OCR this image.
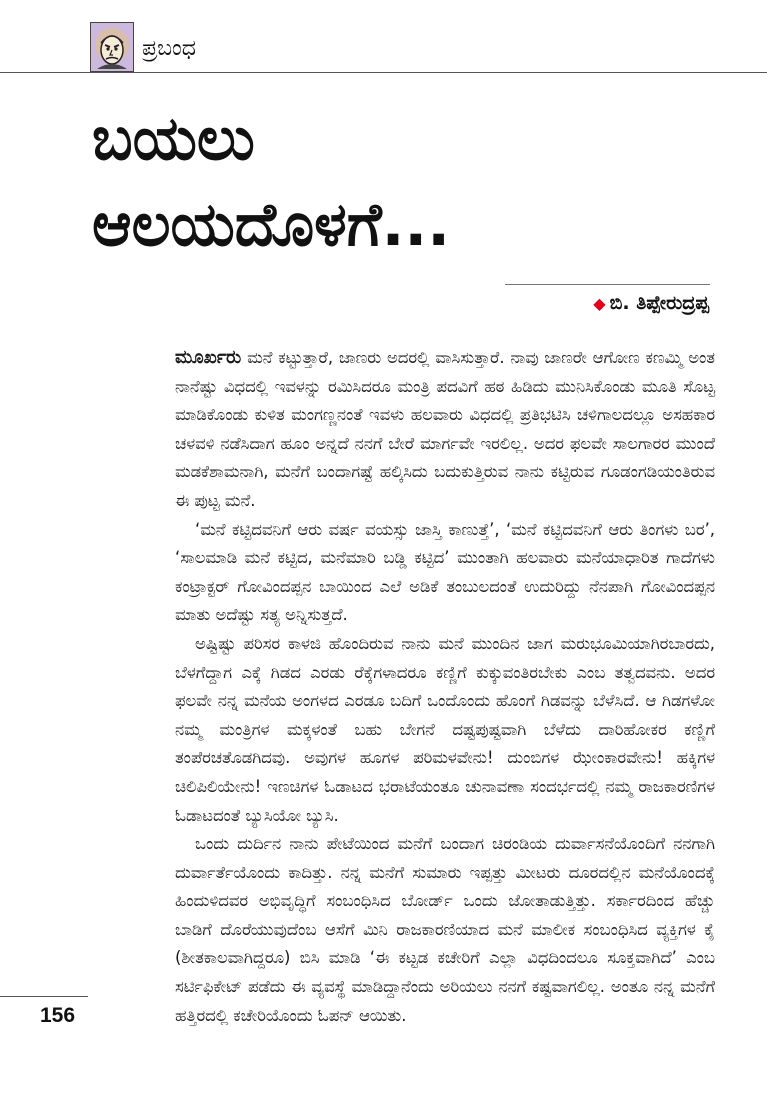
ಪ್ರಬಂಧ
ಬಯಲು
ಆಲಯದೊಳಗೆ...
◆ ಬಿ. ತಿಪ್ಪೇರುದ್ರಪ್ಪ

ಮೂರ್ಖರು ಮನೆ ಕಟ್ಟುತ್ತಾರೆ, ಜಾಣರು ಅದರಲ್ಲಿ ವಾಸಿಸುತ್ತಾರೆ. ನಾವು ಜಾಣರೇ ಆಗೋಣ ಕಣಮ್ಮಿ ಅಂತ ನಾನೆಷ್ಟು ವಿಧದಲ್ಲಿ ಇವಳನ್ನು ರಮಿಸಿದರೂ ಮಂತ್ರಿ ಪದವಿಗೆ ಹಠ ಹಿಡಿದು ಮುನಿಸಿಕೊಂಡು ಮೂತಿ ಸೊಟ್ಟ ಮಾಡಿಕೊಂಡು ಕುಳಿತ ಮಂಗಣ್ಣನಂತೆ ಇವಳು ಹಲವಾರು ವಿಧದಲ್ಲಿ ಪ್ರತಿಭಟಿಸಿ ಚಳಿಗಾಲದಲ್ಲೂ ಅಸಹಕಾರ ಚಳವಳಿ ನಡೆಸಿದಾಗ ಹೂಂ ಅನ್ನದೆ ನನಗೆ ಬೇರೆ ಮಾರ್ಗವೇ ಇರಲಿಲ್ಲ. ಅದರ ಫಲವೇ ಸಾಲಗಾರರ ಮುಂದೆ ಮಡಕೆಶಾಮನಾಗಿ, ಮನೆಗೆ ಬಂದಾಗಷ್ಟೆ ಹಲ್ಕಿಸಿದು ಬದುಕುತ್ತಿರುವ ನಾನು ಕಟ್ಟಿರುವ ಗೂಡಂಗಡಿಯಂತಿರುವ ಈ ಪುಟ್ಟ ಮನೆ.

‘ಮನೆ ಕಟ್ಟಿದವನಿಗೆ ಆರು ವರ್ಷ ವಯಸ್ಸು ಜಾಸ್ತಿ ಕಾಣುತ್ತೆ’, ‘ಮನೆ ಕಟ್ಟಿದವನಿಗೆ ಆರು ತಿಂಗಳು ಬರ’, ‘ಸಾಲಮಾಡಿ ಮನೆ ಕಟ್ಟಿದ, ಮನೆಮಾರಿ ಬಡ್ಡಿ ಕಟ್ಟಿದ’ ಮುಂತಾಗಿ ಹಲವಾರು ಮನೆಯಾಧಾರಿತ ಗಾದೆಗಳು ಕಂಟ್ರಾಕ್ಟರ್ ಗೋವಿಂದಪ್ಪನ ಬಾಯಿಂದ ಎಲೆ ಅಡಿಕೆ ತಂಬುಲದಂತೆ ಉದುರಿದ್ದು ನೆನಪಾಗಿ ಗೋವಿಂದಪ್ಪನ ಮಾತು ಅದೆಷ್ಟು ಸತ್ಯ ಅನ್ನಿಸುತ್ತದೆ.

ಅಷ್ಟಿಷ್ಟು ಪರಿಸರ ಕಾಳಜಿ ಹೊಂದಿರುವ ನಾನು ಮನೆ ಮುಂದಿನ ಜಾಗ ಮರುಭೂಮಿಯಾಗಿರಬಾರದು, ಬೆಳಗೆದ್ದಾಗ ಎಕ್ಕೆ ಗಿಡದ ಎರಡು ರೆಕ್ಕೆಗಳಾದರೂ ಕಣ್ಣಿಗೆ ಕುಕ್ಕುವಂತಿರಬೇಕು ಎಂಬ ತತ್ವದವನು. ಅದರ ಫಲವೇ ನನ್ನ ಮನೆಯ ಅಂಗಳದ ಎರಡೂ ಬದಿಗೆ ಒಂದೊಂದು ಹೊಂಗೆ ಗಿಡವನ್ನು ಬೆಳೆಸಿದೆ. ಆ ಗಿಡಗಳೋ ನಮ್ಮ ಮಂತ್ರಿಗಳ ಮಕ್ಕಳಂತೆ ಬಹು ಬೇಗನೆ ದಷ್ಟಪುಷ್ಟವಾಗಿ ಬೆಳೆದು ದಾರಿಹೋಕರ ಕಣ್ಣಿಗೆ ತಂಪೆರಚತೊಡಗಿದವು. ಅವುಗಳ ಹೂಗಳ ಪರಿಮಳವೇನು! ದುಂಬಿಗಳ ಝೇಂಕಾರವೇನು! ಹಕ್ಕಿಗಳ ಚಿಲಿಪಿಲಿಯೇನು! ಇಣಚಿಗಳ ಓಡಾಟದ ಭರಾಟೆಯಂತೂ ಚುನಾವಣಾ ಸಂದರ್ಭದಲ್ಲಿ ನಮ್ಮ ರಾಜಕಾರಣಿಗಳ ಓಡಾಟದಂತೆ ಬ್ಯುಸಿಯೋ ಬ್ಯುಸಿ.

ಒಂದು ದುರ್ದಿನ ನಾನು ಪೇಟೆಯಿಂದ ಮನೆಗೆ ಬಂದಾಗ ಚಿರಂಡಿಯ ದುರ್ವಾಸನೆಯೊಂದಿಗೆ ನನಗಾಗಿ ದುರ್ವಾರ್ತೆಯೊಂದು ಕಾದಿತ್ತು. ನನ್ನ ಮನೆಗೆ ಸುಮಾರು ಇಪ್ಪತ್ತು ಮೀಟರು ದೂರದಲ್ಲಿನ ಮನೆಯೊಂದಕ್ಕೆ ಹಿಂದುಳಿದವರ ಅಭಿವೃದ್ಧಿಗೆ ಸಂಬಂಧಿಸಿದ ಬೋರ್ಡ್ ಒಂದು ಜೋತಾಡುತ್ತಿತ್ತು. ಸರ್ಕಾರದಿಂದ ಹೆಚ್ಚು ಬಾಡಿಗೆ ದೊರೆಯುವುದೆಂಬ ಆಸೆಗೆ ಮಿನಿ ರಾಜಕಾರಣಿಯಾದ ಮನೆ ಮಾಲೀಕ ಸಂಬಂಧಿಸಿದ ವ್ಯಕ್ತಿಗಳ ಕೈ (ಶೀತಕಾಲವಾಗಿದ್ದರೂ) ಬಿಸಿ ಮಾಡಿ ‘ಈ ಕಟ್ಟಡ ಕಚೇರಿಗೆ ಎಲ್ಲಾ ವಿಧದಿಂದಲೂ ಸೂಕ್ತವಾಗಿದೆ’ ಎಂಬ ಸರ್ಟಿಫಿಕೇಟ್ ಪಡೆದು ಈ ವ್ಯವಸ್ಥೆ ಮಾಡಿದ್ದಾನೆಂದು ಅರಿಯಲು ನನಗೆ ಕಷ್ಟವಾಗಲಿಲ್ಲ. ಅಂತೂ ನನ್ನ ಮನೆಗೆ ಹತ್ತಿರದಲ್ಲಿ ಕಚೇರಿಯೊಂದು ಓಪನ್ ಆಯಿತು.

156
